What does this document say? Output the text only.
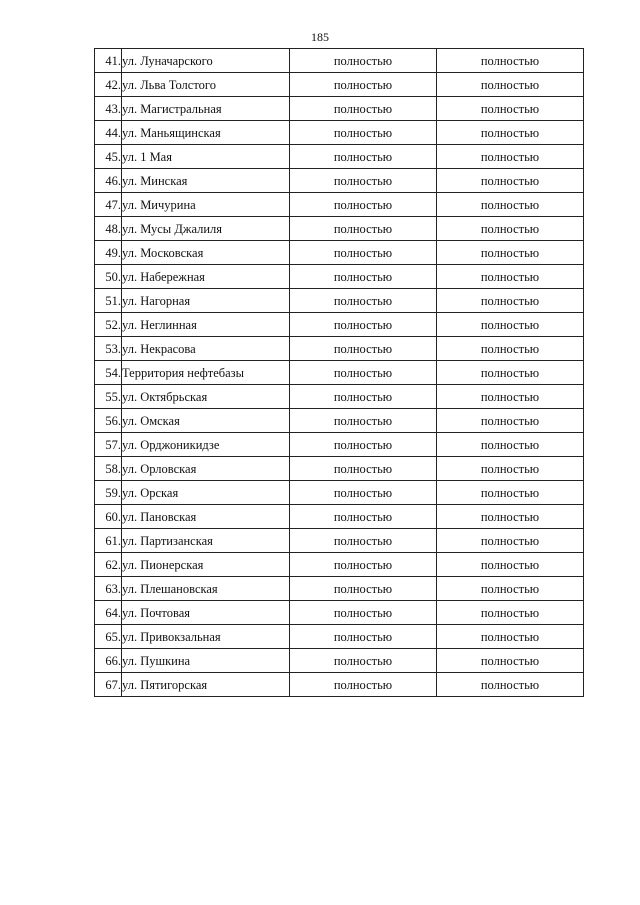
185
41.	ул. Луначарского	полностью	полностью
42.	ул. Льва Толстого	полностью	полностью
43.	ул. Магистральная	полностью	полностью
44.	ул. Маньящинская	полностью	полностью
45.	ул. 1 Мая	полностью	полностью
46.	ул. Минская	полностью	полностью
47.	ул. Мичурина	полностью	полностью
48.	ул. Мусы Джалиля	полностью	полностью
49.	ул. Московская	полностью	полностью
50.	ул. Набережная	полностью	полностью
51.	ул. Нагорная	полностью	полностью
52.	ул. Неглинная	полностью	полностью
53.	ул. Некрасова	полностью	полностью
54.	Территория нефтебазы	полностью	полностью
55.	ул. Октябрьская	полностью	полностью
56.	ул. Омская	полностью	полностью
57.	ул. Орджоникидзе	полностью	полностью
58.	ул. Орловская	полностью	полностью
59.	ул. Орская	полностью	полностью
60.	ул. Пановская	полностью	полностью
61.	ул. Партизанская	полностью	полностью
62.	ул. Пионерская	полностью	полностью
63.	ул. Плешановская	полностью	полностью
64.	ул. Почтовая	полностью	полностью
65.	ул. Привокзальная	полностью	полностью
66.	ул. Пушкина	полностью	полностью
67.	ул. Пятигорская	полностью	полностью
